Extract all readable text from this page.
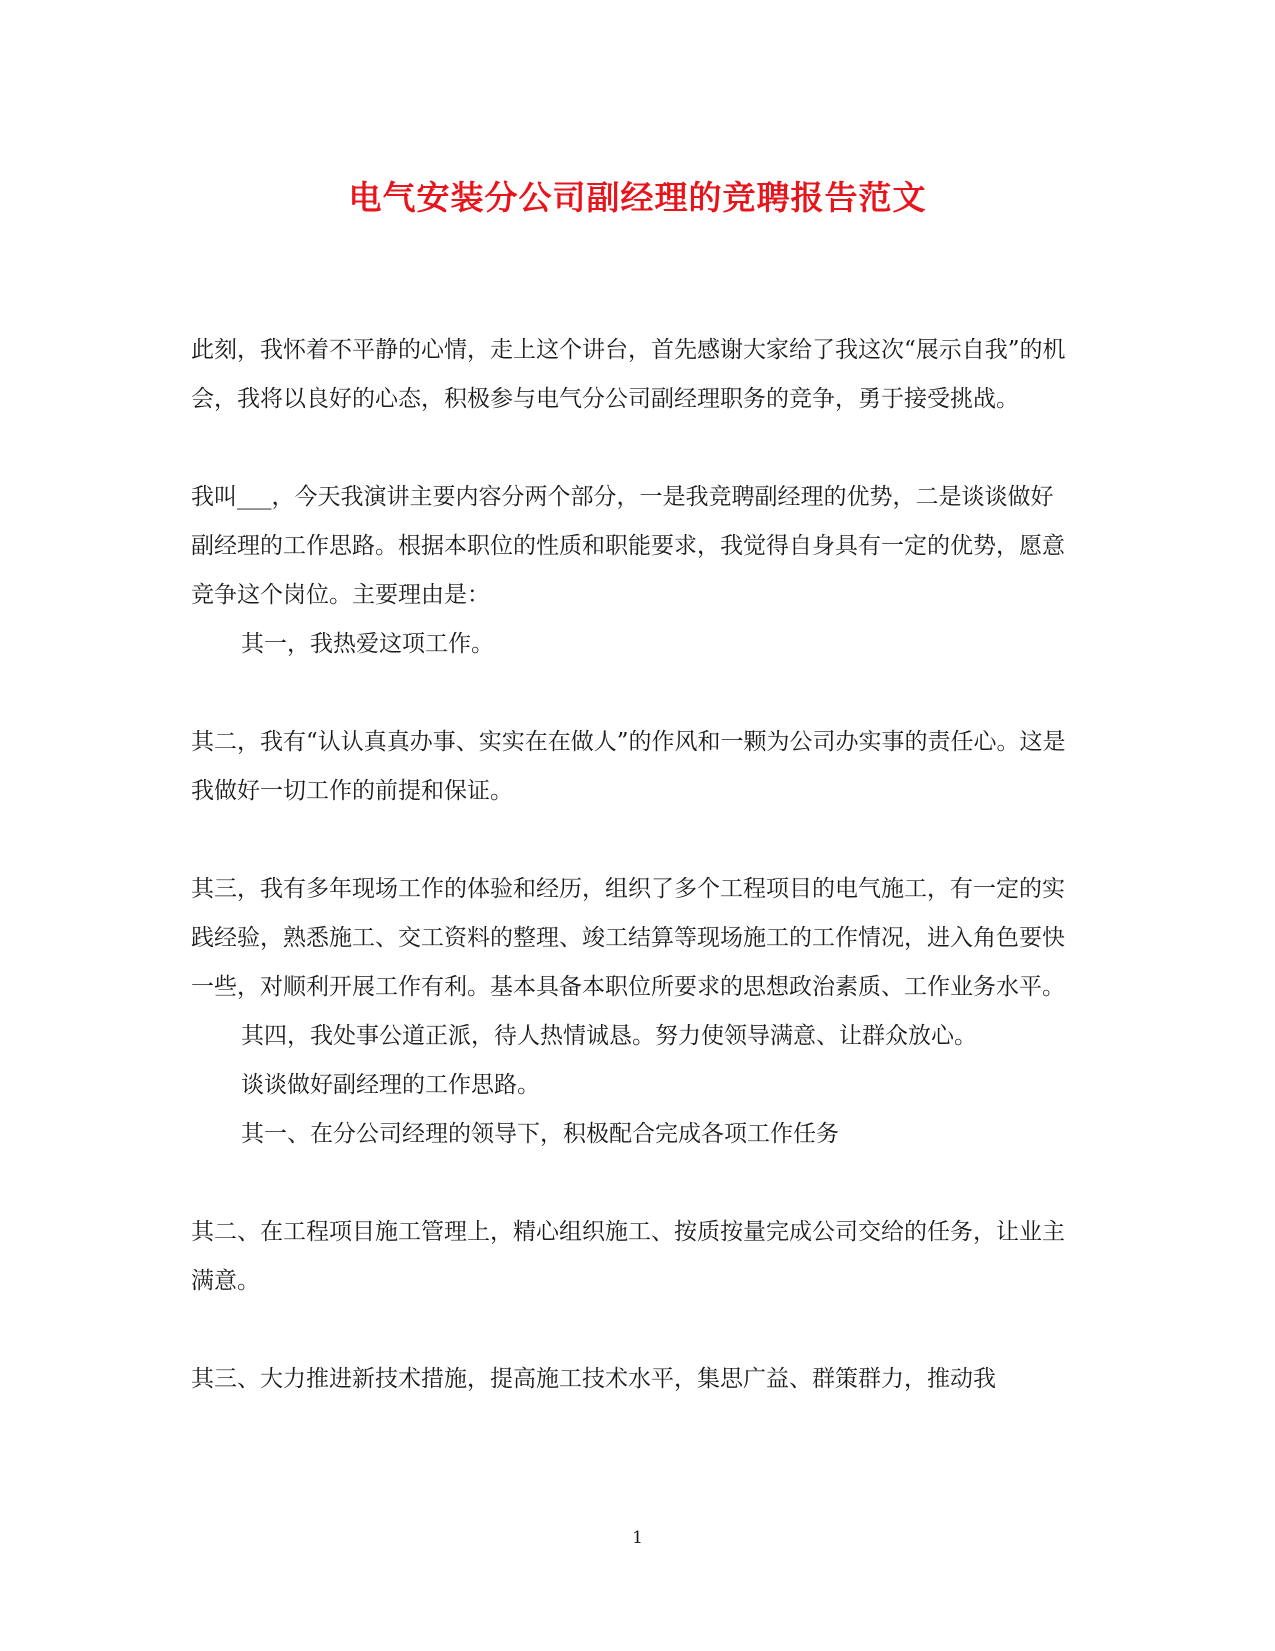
电气安装分公司副经理的竞聘报告范文

此刻，我怀着不平静的心情，走上这个讲台，首先感谢大家给了我这次“展示自我”的机会，我将以良好的心态，积极参与电气分公司副经理职务的竞争，勇于接受挑战。

我叫___，今天我演讲主要内容分两个部分，一是我竞聘副经理的优势，二是谈谈做好副经理的工作思路。根据本职位的性质和职能要求，我觉得自身具有一定的优势，愿意竞争这个岗位。主要理由是：

其一，我热爱这项工作。

其二，我有“认认真真办事、实实在在做人”的作风和一颗为公司办实事的责任心。这是我做好一切工作的前提和保证。

其三，我有多年现场工作的体验和经历，组织了多个工程项目的电气施工，有一定的实践经验，熟悉施工、交工资料的整理、竣工结算等现场施工的工作情况，进入角色要快一些，对顺利开展工作有利。基本具备本职位所要求的思想政治素质、工作业务水平。

其四，我处事公道正派，待人热情诚恳。努力使领导满意、让群众放心。

谈谈做好副经理的工作思路。

其一、在分公司经理的领导下，积极配合完成各项工作任务

其二、在工程项目施工管理上，精心组织施工、按质按量完成公司交给的任务，让业主满意。

其三、大力推进新技术措施，提高施工技术水平，集思广益、群策群力，推动我

1
